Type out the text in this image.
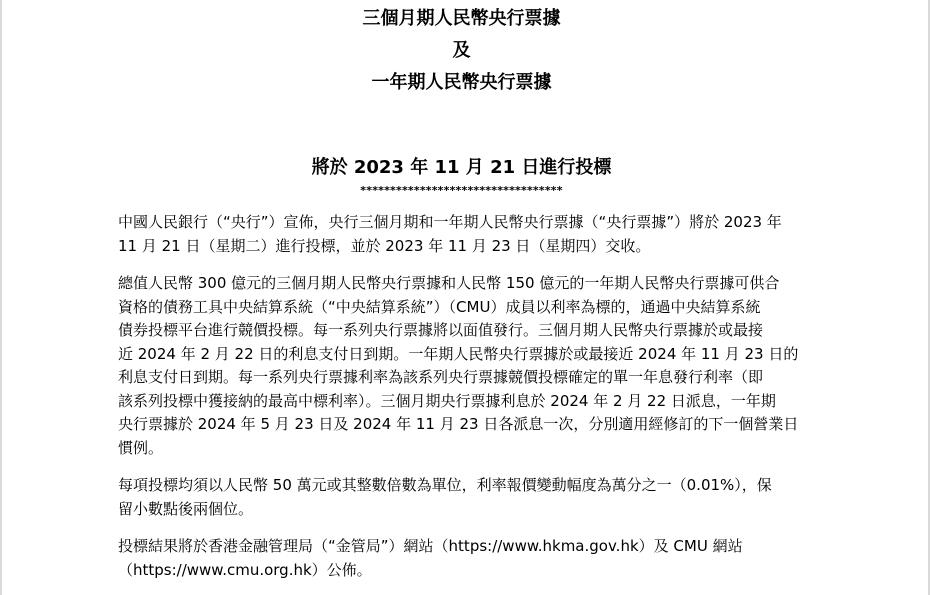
三個月期人民幣央行票據
及
一年期人民幣央行票據
將於 2023 年 11 月 21 日進行投標
**********************************
中國人民銀行（“央行”）宣佈，央行三個月期和一年期人民幣央行票據（“央行票據”）將於 2023 年
11 月 21 日（星期二）進行投標，並於 2023 年 11 月 23 日（星期四）交收。
總值人民幣 300 億元的三個月期人民幣央行票據和人民幣 150 億元的一年期人民幣央行票據可供合
資格的債務工具中央結算系統（“中央結算系統”）（CMU）成員以利率為標的，通過中央結算系統
債券投標平台進行競價投標。每一系列央行票據將以面值發行。三個月期人民幣央行票據於或最接
近 2024 年 2 月 22 日的利息支付日到期。一年期人民幣央行票據於或最接近 2024 年 11 月 23 日的
利息支付日到期。每一系列央行票據利率為該系列央行票據競價投標確定的單一年息發行利率（即
該系列投標中獲接納的最高中標利率）。三個月期央行票據利息於 2024 年 2 月 22 日派息，一年期
央行票據於 2024 年 5 月 23 日及 2024 年 11 月 23 日各派息一次，分別適用經修訂的下一個營業日
慣例。
每項投標均須以人民幣 50 萬元或其整數倍數為單位，利率報價變動幅度為萬分之一（0.01%），保
留小數點後兩個位。
投標結果將於香港金融管理局（“金管局”）網站（https://www.hkma.gov.hk）及 CMU 網站
（https://www.cmu.org.hk）公佈。
